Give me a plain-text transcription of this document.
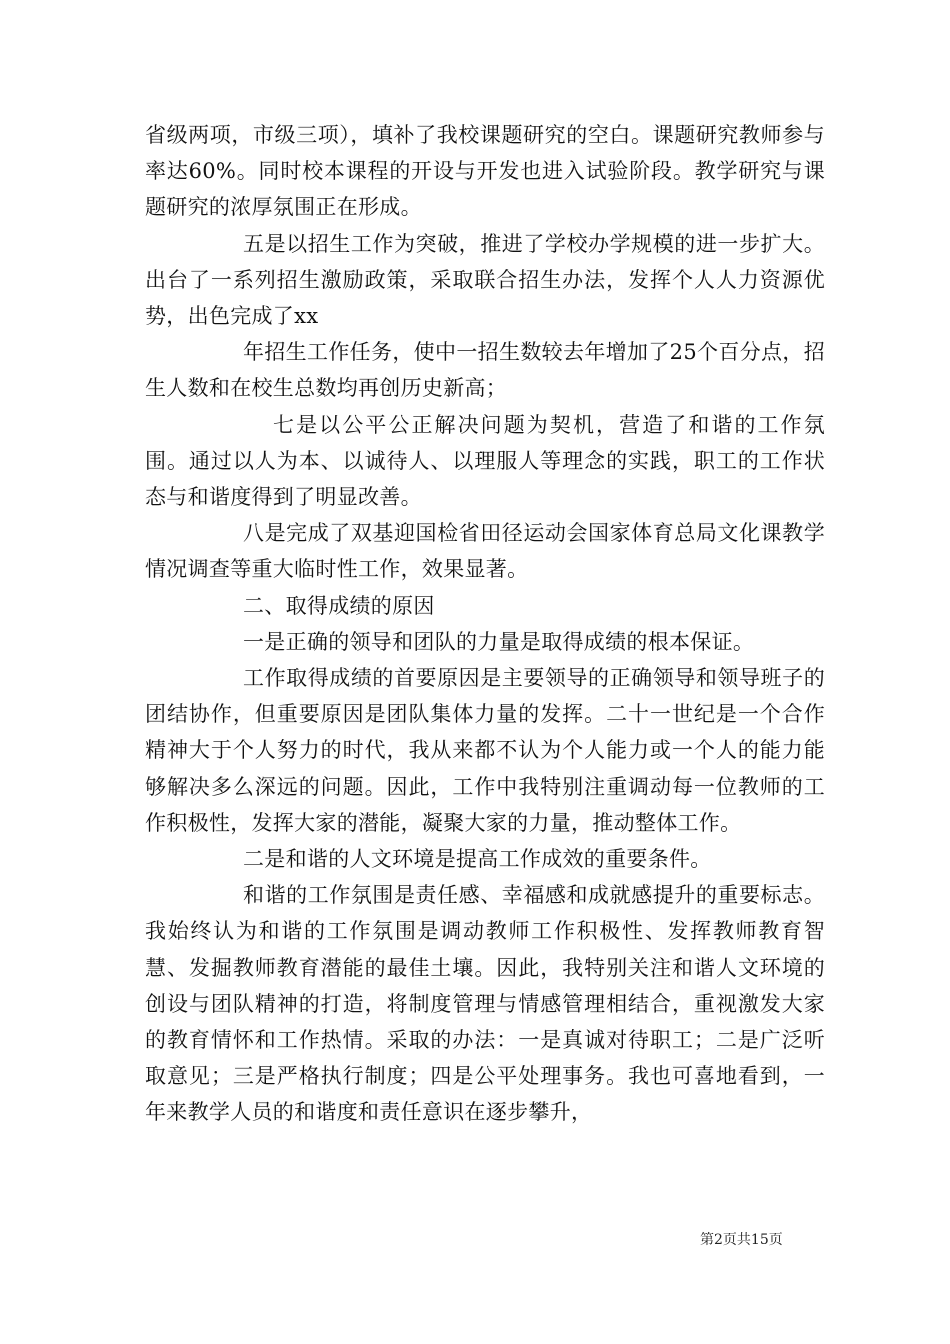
省级两项，市级三项），填补了我校课题研究的空白。课题研究教师参与率达60%。同时校本课程的开设与开发也进入试验阶段。教学研究与课题研究的浓厚氛围正在形成。

五是以招生工作为突破，推进了学校办学规模的进一步扩大。出台了一系列招生激励政策，采取联合招生办法，发挥个人人力资源优势，出色完成了xx

年招生工作任务，使中一招生数较去年增加了25个百分点，招生人数和在校生总数均再创历史新高；

七是以公平公正解决问题为契机，营造了和谐的工作氛围。通过以人为本、以诚待人、以理服人等理念的实践，职工的工作状态与和谐度得到了明显改善。

八是完成了双基迎国检省田径运动会国家体育总局文化课教学情况调查等重大临时性工作，效果显著。

二、取得成绩的原因

一是正确的领导和团队的力量是取得成绩的根本保证。

工作取得成绩的首要原因是主要领导的正确领导和领导班子的团结协作，但重要原因是团队集体力量的发挥。二十一世纪是一个合作精神大于个人努力的时代，我从来都不认为个人能力或一个人的能力能够解决多么深远的问题。因此，工作中我特别注重调动每一位教师的工作积极性，发挥大家的潜能，凝聚大家的力量，推动整体工作。

二是和谐的人文环境是提高工作成效的重要条件。

和谐的工作氛围是责任感、幸福感和成就感提升的重要标志。我始终认为和谐的工作氛围是调动教师工作积极性、发挥教师教育智慧、发掘教师教育潜能的最佳土壤。因此，我特别关注和谐人文环境的创设与团队精神的打造，将制度管理与情感管理相结合，重视激发大家的教育情怀和工作热情。采取的办法：一是真诚对待职工；二是广泛听取意见；三是严格执行制度；四是公平处理事务。我也可喜地看到，一年来教学人员的和谐度和责任意识在逐步攀升，

第2页共15页
